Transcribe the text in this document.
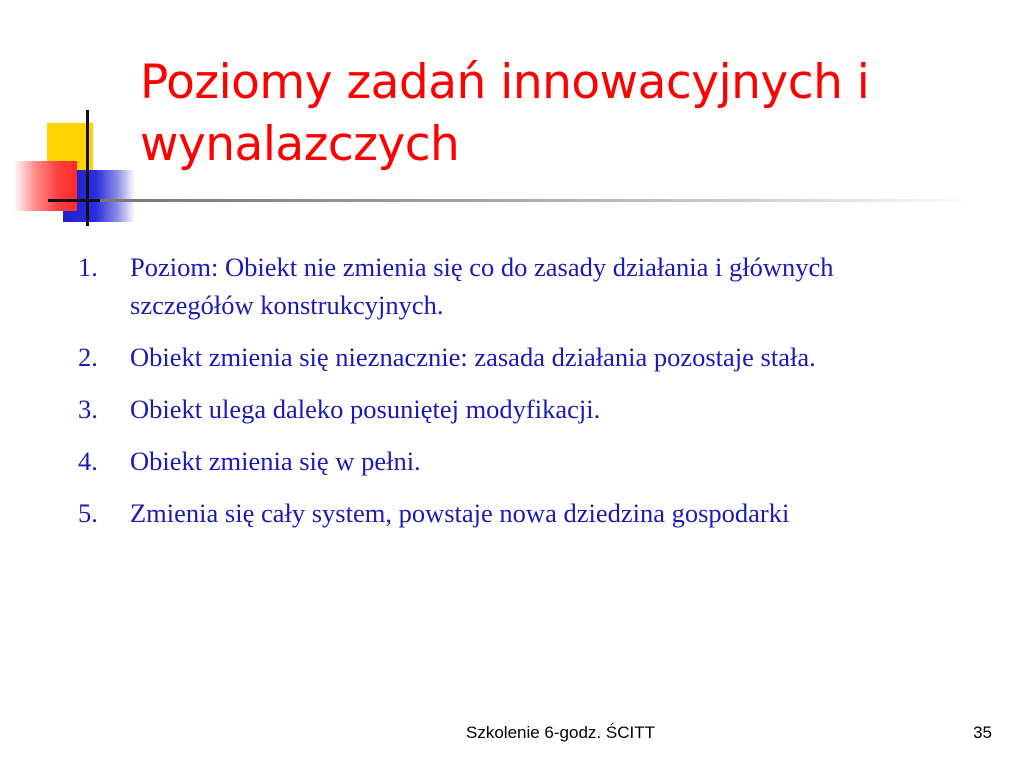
Poziomy zadań innowacyjnych i wynalazczych
1. Poziom: Obiekt nie zmienia się co do zasady działania i głównych szczegółów konstrukcyjnych.
2. Obiekt zmienia się nieznacznie: zasada działania pozostaje stała.
3. Obiekt ulega daleko posuniętej modyfikacji.
4. Obiekt zmienia się w pełni.
5. Zmienia się cały system, powstaje nowa dziedzina gospodarki
Szkolenie 6-godz. ŚCITT	35
